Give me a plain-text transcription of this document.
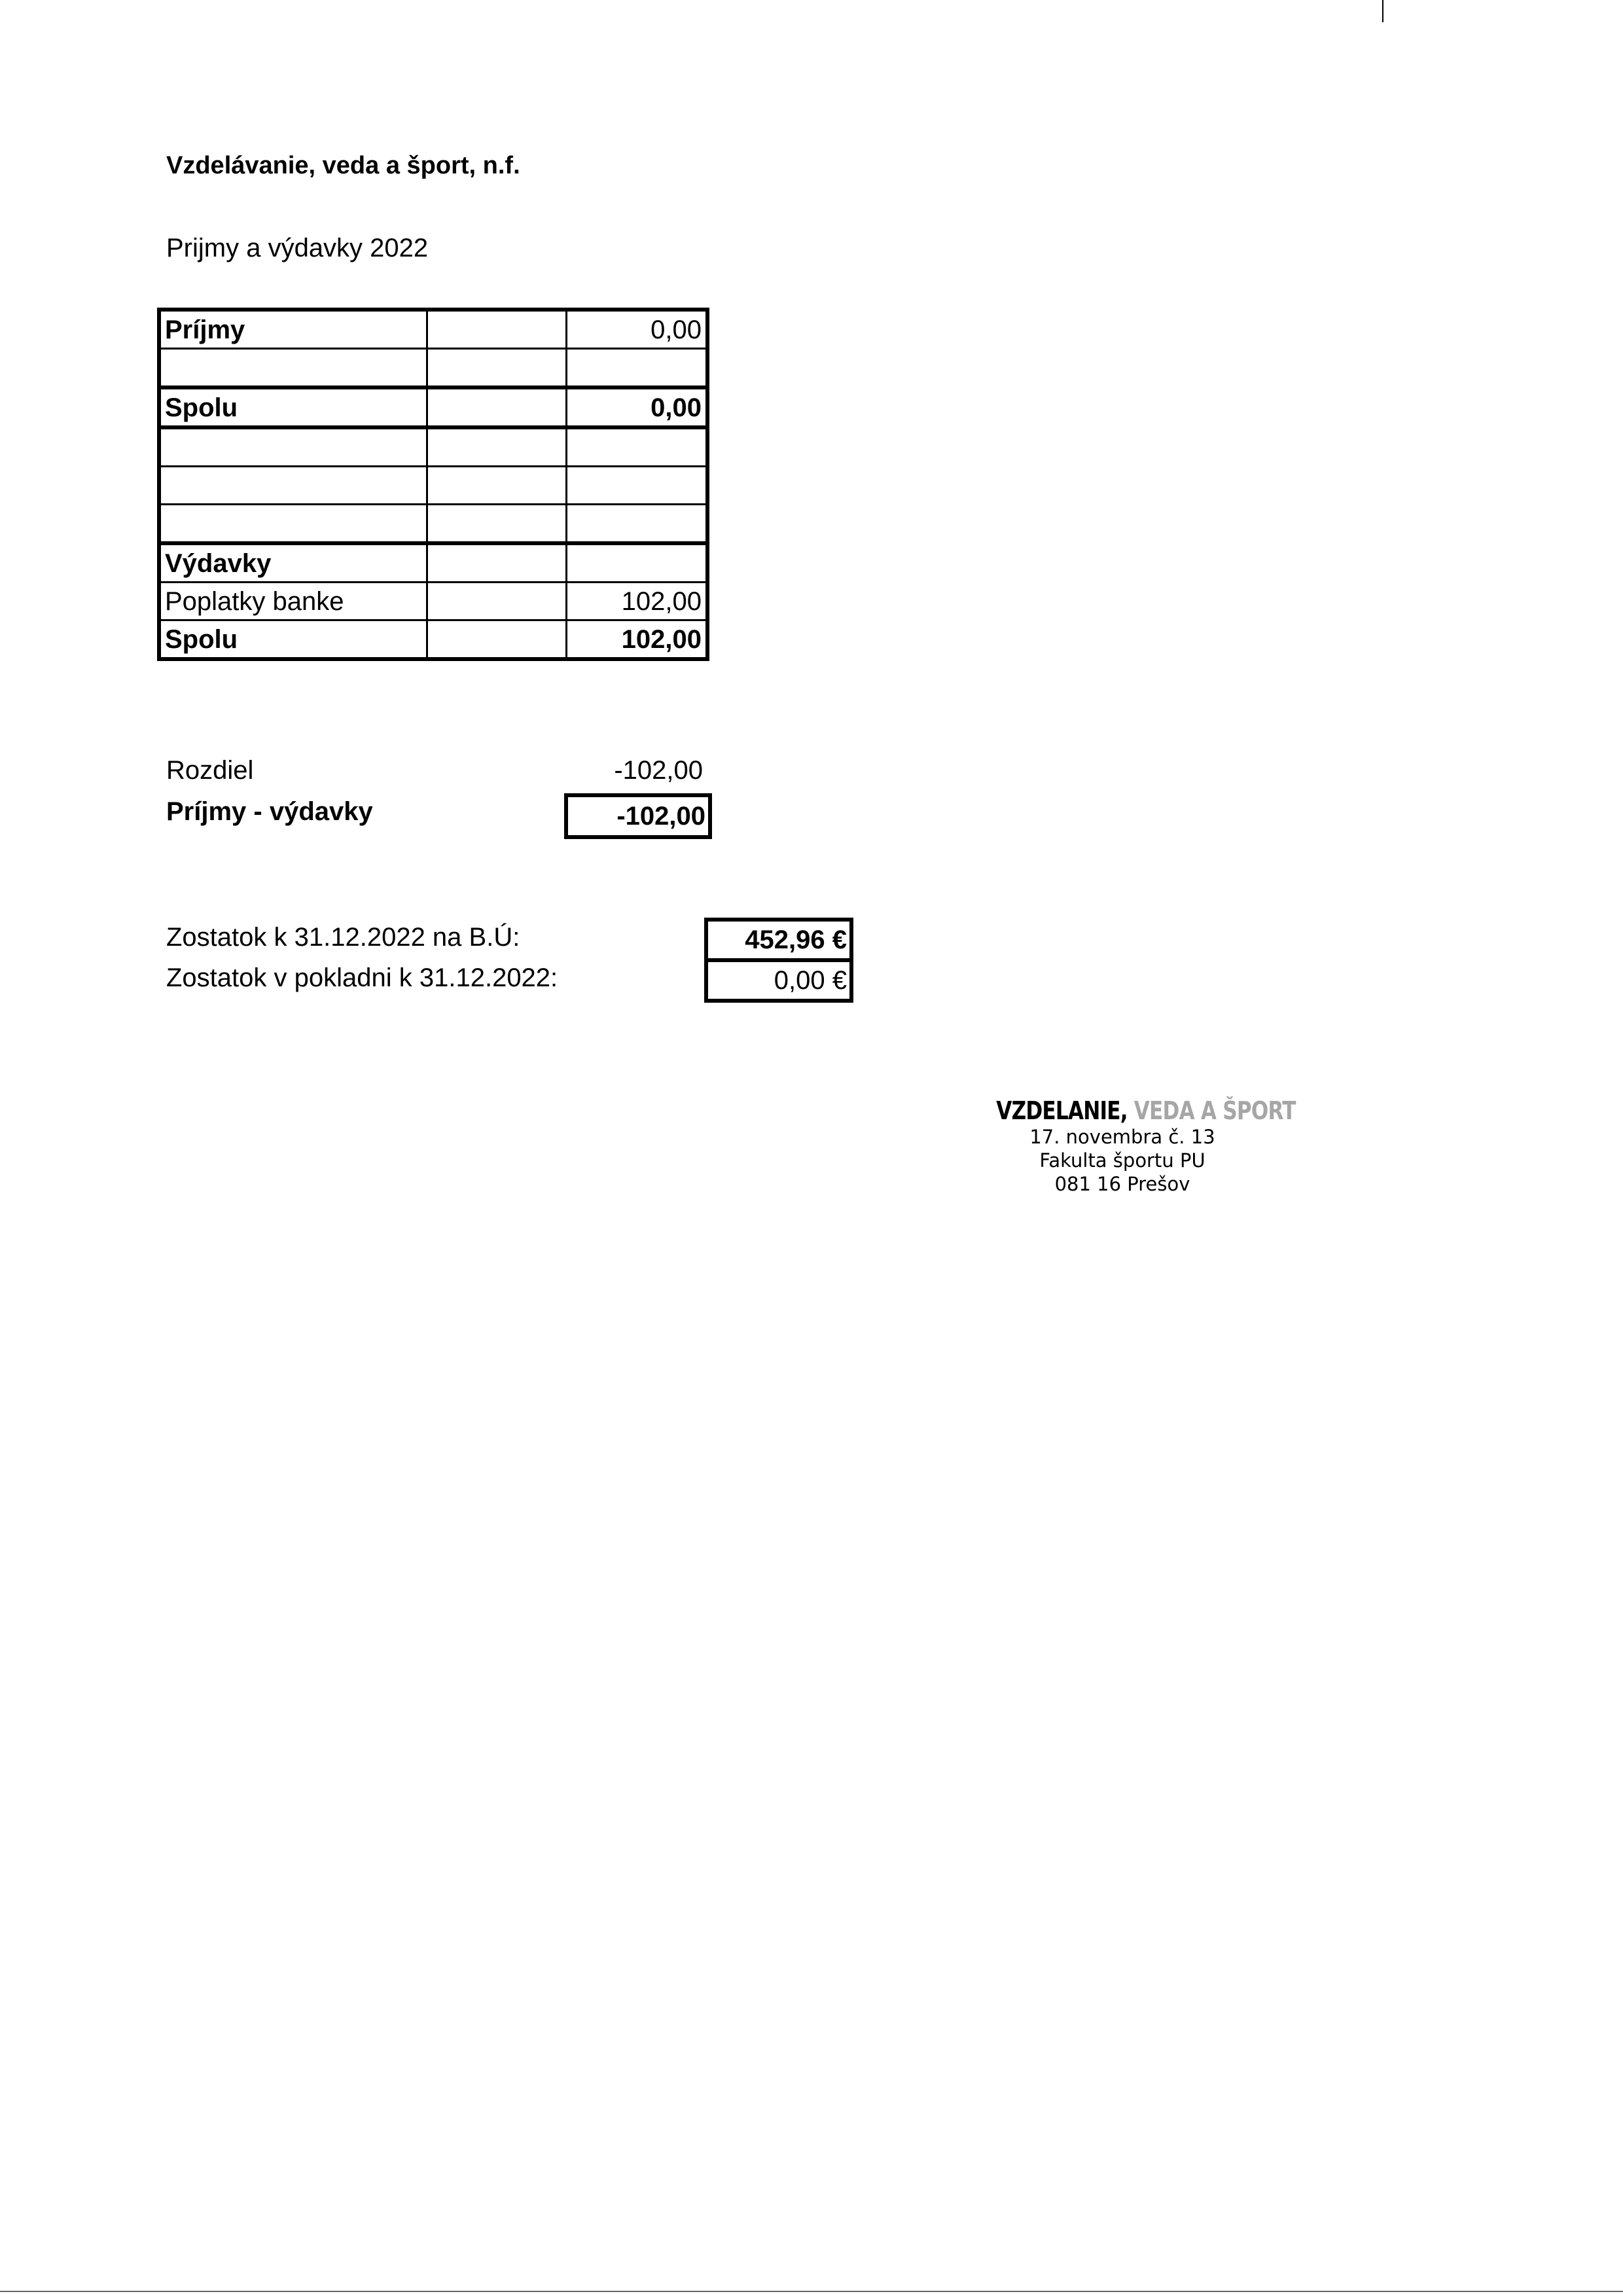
Vzdelávanie, veda a šport, n.f.
Prijmy a výdavky 2022
Príjmy		0,00

Spolu		0,00

Výdavky		
Poplatky banke		102,00
Spolu		102,00
Rozdiel	-102,00
Príjmy - výdavky	-102,00
Zostatok k 31.12.2022 na B.Ú:	452,96 €
Zostatok v pokladni k 31.12.2022:	0,00 €
VZDELANIE, VEDA A ŠPORT
17. novembra č. 13
Fakulta športu PU
081 16 Prešov
